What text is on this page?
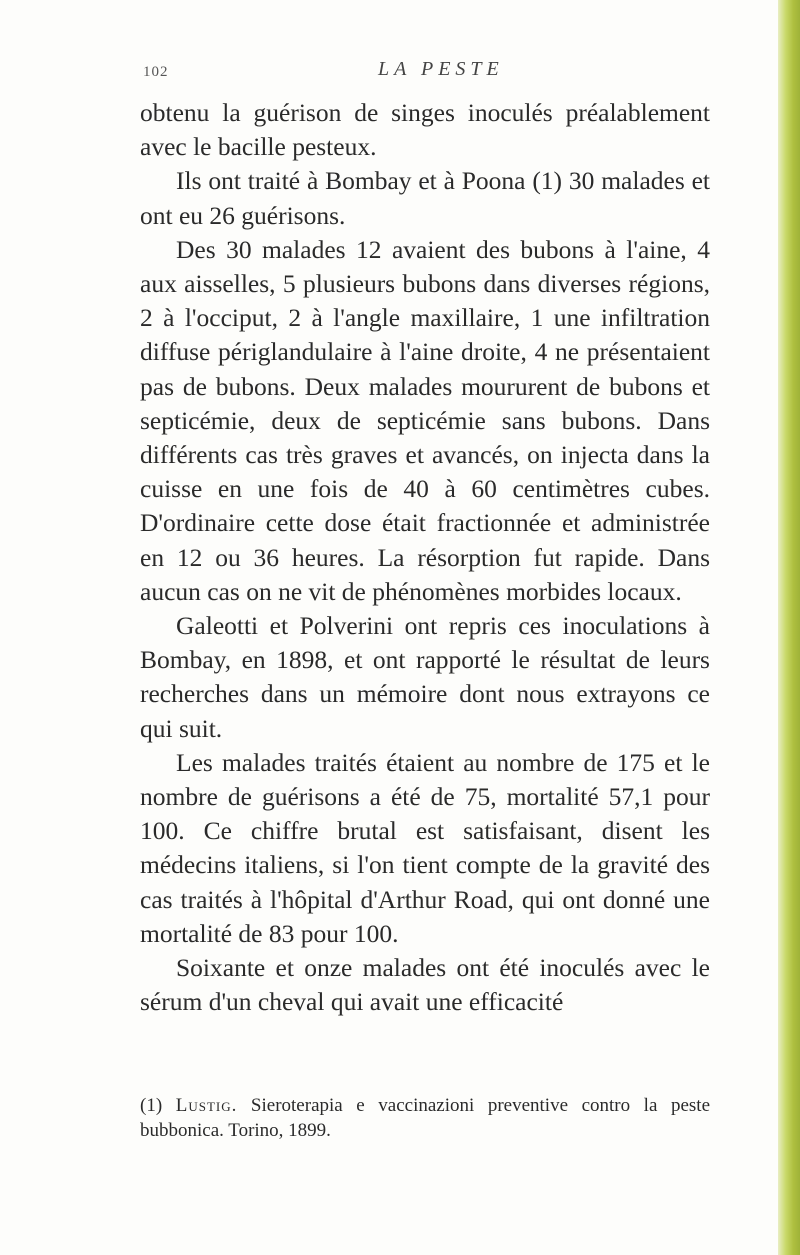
102	LA PESTE

obtenu la guérison de singes inoculés préalablement avec le bacille pesteux.

Ils ont traité à Bombay et à Poona (1) 30 malades et ont eu 26 guérisons.

Des 30 malades 12 avaient des bubons à l'aine, 4 aux aisselles, 5 plusieurs bubons dans diverses régions, 2 à l'occiput, 2 à l'angle maxillaire, 1 une infiltration diffuse périglandulaire à l'aine droite, 4 ne présentaient pas de bubons. Deux malades moururent de bubons et septicémie, deux de septicémie sans bubons. Dans différents cas très graves et avancés, on injecta dans la cuisse en une fois de 40 à 60 centimètres cubes. D'ordinaire cette dose était fractionnée et administrée en 12 ou 36 heures. La résorption fut rapide. Dans aucun cas on ne vit de phénomènes morbides locaux.

Galeotti et Polverini ont repris ces inoculations à Bombay, en 1898, et ont rapporté le résultat de leurs recherches dans un mémoire dont nous extrayons ce qui suit.

Les malades traités étaient au nombre de 175 et le nombre de guérisons a été de 75, mortalité 57,1 pour 100. Ce chiffre brutal est satisfaisant, disent les médecins italiens, si l'on tient compte de la gravité des cas traités à l'hôpital d'Arthur Road, qui ont donné une mortalité de 83 pour 100.

Soixante et onze malades ont été inoculés avec le sérum d'un cheval qui avait une efficacité

(1) Lustig. Sieroterapia e vaccinazioni preventive contro la peste bubbonica. Torino, 1899.
